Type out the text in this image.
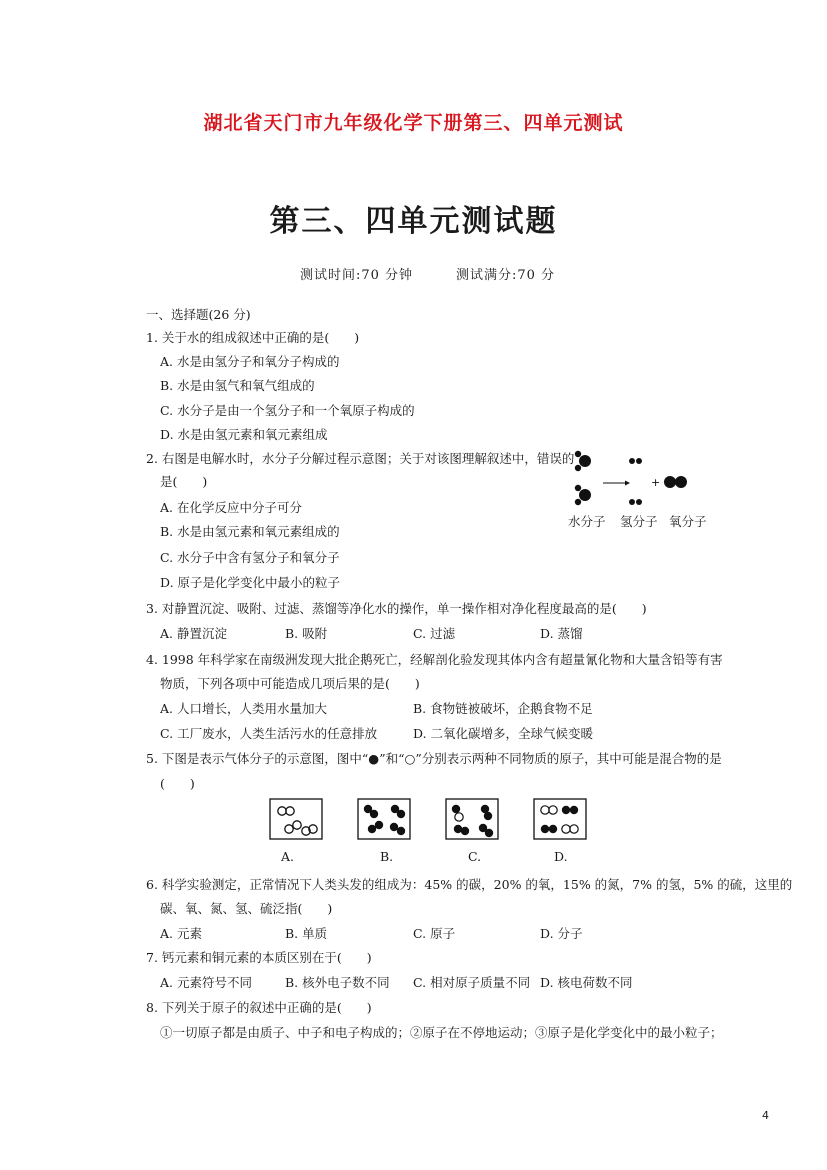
湖北省天门市九年级化学下册第三、四单元测试
第三、四单元测试题
测试时间:70 分钟	测试满分:70 分
一、选择题(26 分)
1. 关于水的组成叙述中正确的是(　　)
A. 水是由氢分子和氧分子构成的
B. 水是由氢气和氧气组成的
C. 水分子是由一个氢分子和一个氧原子构成的
D. 水是由氢元素和氧元素组成
2. 右图是电解水时，水分子分解过程示意图；关于对该图理解叙述中，错误的
是(　　)
A. 在化学反应中分子可分
B. 水是由氢元素和氧元素组成的
C. 水分子中含有氢分子和氧分子
D. 原子是化学变化中最小的粒子
+
水分子 氢分子 氧分子
3. 对静置沉淀、吸附、过滤、蒸馏等净化水的操作，单一操作相对净化程度最高的是(　　)
A. 静置沉淀	B. 吸附	C. 过滤	D. 蒸馏
4. 1998 年科学家在南级洲发现大批企鹅死亡，经解剖化验发现其体内含有超量氰化物和大量含铅等有害
物质，下列各项中可能造成几项后果的是(　　)
A. 人口增长，人类用水量加大	B. 食物链被破坏，企鹅食物不足
C. 工厂废水，人类生活污水的任意排放	D. 二氧化碳增多，全球气候变暖
5. 下图是表示气体分子的示意图，图中“●”和“○”分别表示两种不同物质的原子，其中可能是混合物的是
(　　)
A.	B.	C.	D.
6. 科学实验测定，正常情况下人类头发的组成为：45% 的碳，20% 的氧，15% 的氮，7% 的氢，5% 的硫，这里的
碳、氧、氮、氢、硫泛指(　　)
A. 元素	B. 单质	C. 原子	D. 分子
7. 钙元素和铜元素的本质区别在于(　　)
A. 元素符号不同	B. 核外电子数不同 C. 相对原子质量不同 D. 核电荷数不同
8. 下列关于原子的叙述中正确的是(　　)
①一切原子都是由质子、中子和电子构成的；②原子在不停地运动；③原子是化学变化中的最小粒子；
4
